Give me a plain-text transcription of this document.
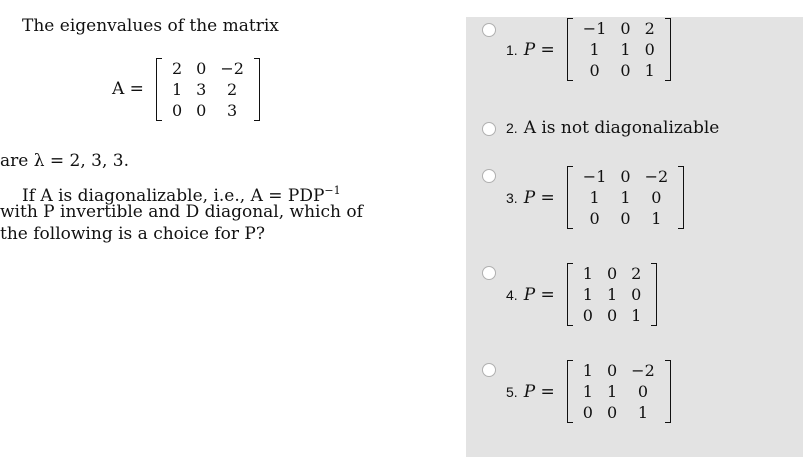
The eigenvalues of the matrix
A =
2	0	−2
1	3	2
0	0	3
are λ = 2, 3, 3.
If A is diagonalizable, i.e., $A = PDP^{-1}$
with P invertible and D diagonal, which of
the following is a choice for P?
1. P =
−1	0	2
1	1	0
0	0	1
2. A is not diagonalizable
3. P =
−1	0	−2
1	1	0
0	0	1
4. P =
1	0	2
1	1	0
0	0	1
5. P =
1	0	−2
1	1	0
0	0	1
